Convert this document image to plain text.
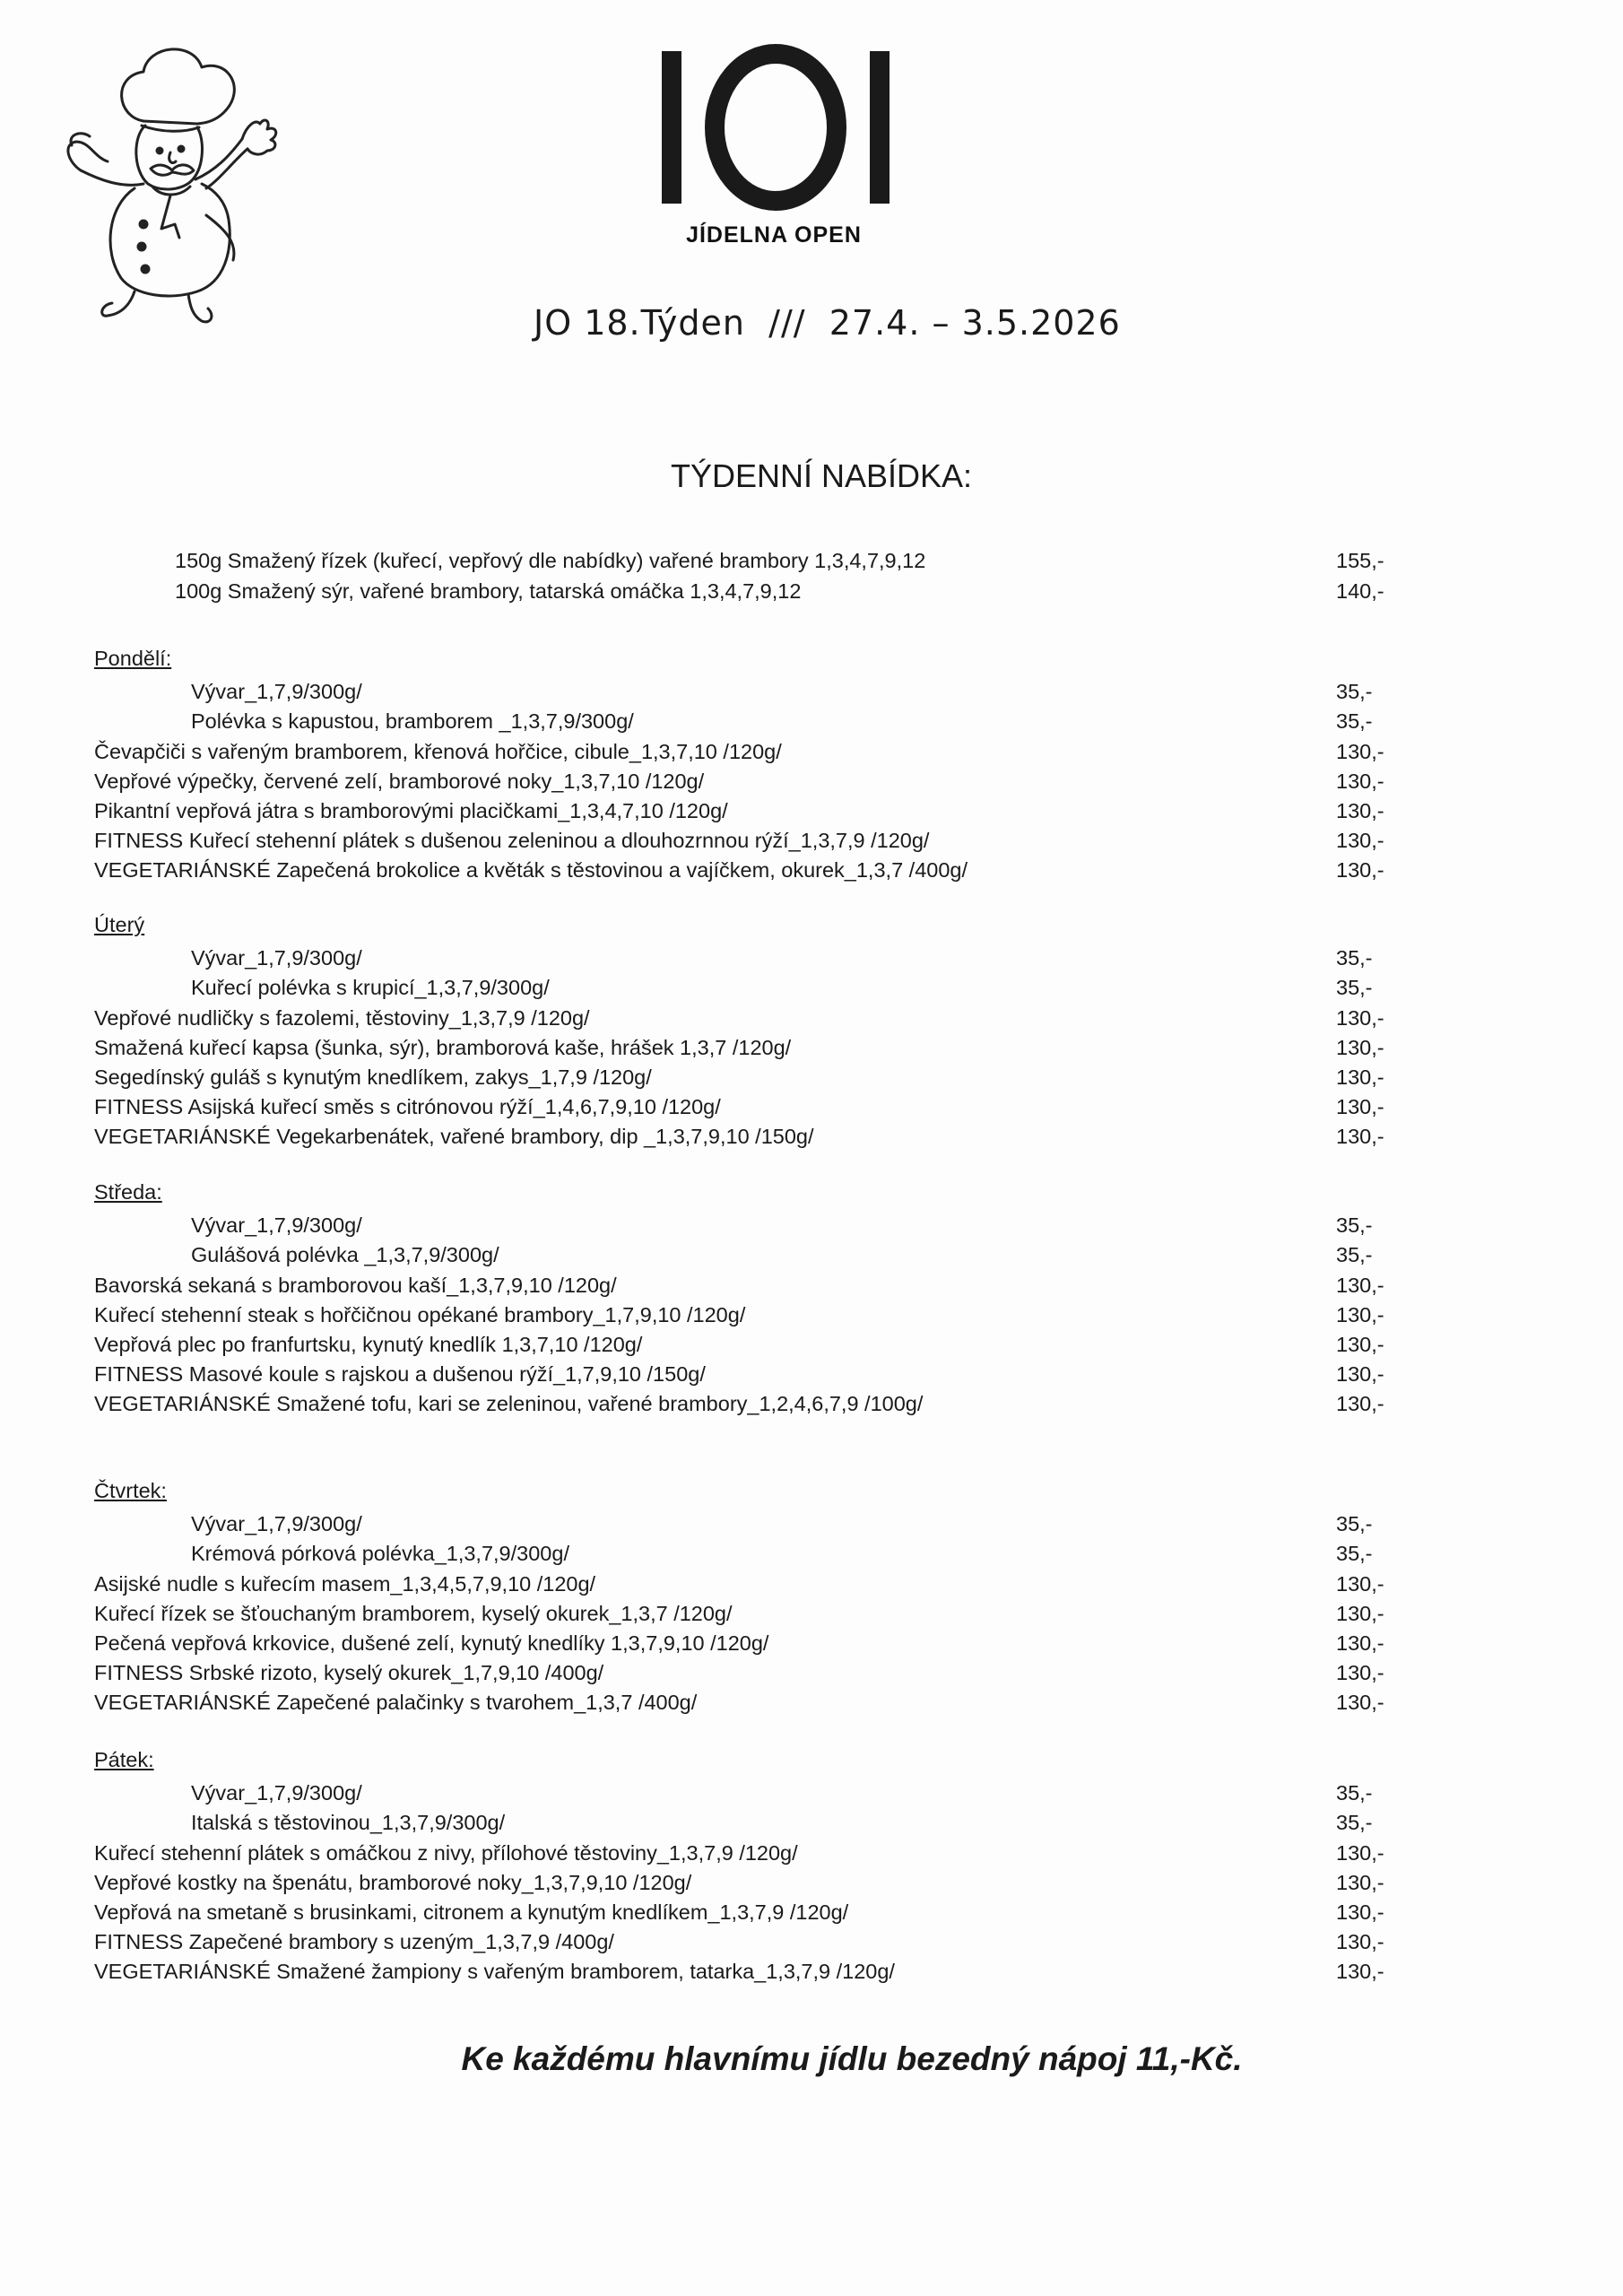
JÍDELNA OPEN
JO 18.Týden  ///  27.4. – 3.5.2026
TÝDENNÍ NABÍDKA:
150g Smažený řízek (kuřecí, vepřový dle nabídky) vařené brambory 1,3,4,7,9,12	155,-
100g Smažený sýr, vařené brambory, tatarská omáčka 1,3,4,7,9,12	140,-
Pondělí:
Vývar_1,7,9/300g/	35,-
Polévka s kapustou, bramborem _1,3,7,9/300g/	35,-
Čevapčiči s vařeným bramborem, křenová hořčice, cibule_1,3,7,10 /120g/	130,-
Vepřové výpečky, červené zelí, bramborové noky_1,3,7,10 /120g/	130,-
Pikantní vepřová játra s bramborovými placičkami_1,3,4,7,10 /120g/	130,-
FITNESS Kuřecí stehenní plátek s dušenou zeleninou a dlouhozrnnou rýží_1,3,7,9 /120g/	130,-
VEGETARIÁNSKÉ Zapečená brokolice a květák s těstovinou a vajíčkem, okurek_1,3,7 /400g/	130,-
Úterý
Vývar_1,7,9/300g/	35,-
Kuřecí polévka s krupicí_1,3,7,9/300g/	35,-
Vepřové nudličky s fazolemi, těstoviny_1,3,7,9 /120g/	130,-
Smažená kuřecí kapsa (šunka, sýr), bramborová kaše, hrášek 1,3,7 /120g/	130,-
Segedínský guláš s kynutým knedlíkem, zakys_1,7,9 /120g/	130,-
FITNESS Asijská kuřecí směs s citrónovou rýží_1,4,6,7,9,10 /120g/	130,-
VEGETARIÁNSKÉ Vegekarbenátek, vařené brambory, dip _1,3,7,9,10 /150g/	130,-
Středa:
Vývar_1,7,9/300g/	35,-
Gulášová polévka _1,3,7,9/300g/	35,-
Bavorská sekaná s bramborovou kaší_1,3,7,9,10 /120g/	130,-
Kuřecí stehenní steak s hořčičnou opékané brambory_1,7,9,10 /120g/	130,-
Vepřová plec po franfurtsku, kynutý knedlík 1,3,7,10 /120g/	130,-
FITNESS Masové koule s rajskou a dušenou rýží_1,7,9,10 /150g/	130,-
VEGETARIÁNSKÉ Smažené tofu, kari se zeleninou, vařené brambory_1,2,4,6,7,9 /100g/	130,-
Čtvrtek:
Vývar_1,7,9/300g/	35,-
Krémová pórková polévka_1,3,7,9/300g/	35,-
Asijské nudle s kuřecím masem_1,3,4,5,7,9,10 /120g/	130,-
Kuřecí řízek se šťouchaným bramborem, kyselý okurek_1,3,7 /120g/	130,-
Pečená vepřová krkovice, dušené zelí, kynutý knedlíky 1,3,7,9,10 /120g/	130,-
FITNESS Srbské rizoto, kyselý okurek_1,7,9,10 /400g/	130,-
VEGETARIÁNSKÉ Zapečené palačinky s tvarohem_1,3,7 /400g/	130,-
Pátek:
Vývar_1,7,9/300g/	35,-
Italská s těstovinou_1,3,7,9/300g/	35,-
Kuřecí stehenní plátek s omáčkou z nivy, přílohové těstoviny_1,3,7,9 /120g/	130,-
Vepřové kostky na špenátu, bramborové noky_1,3,7,9,10 /120g/	130,-
Vepřová na smetaně s brusinkami, citronem a kynutým knedlíkem_1,3,7,9 /120g/	130,-
FITNESS Zapečené brambory s uzeným_1,3,7,9 /400g/	130,-
VEGETARIÁNSKÉ Smažené žampiony s vařeným bramborem, tatarka_1,3,7,9 /120g/	130,-
Ke každému hlavnímu jídlu bezedný nápoj 11,-Kč.
